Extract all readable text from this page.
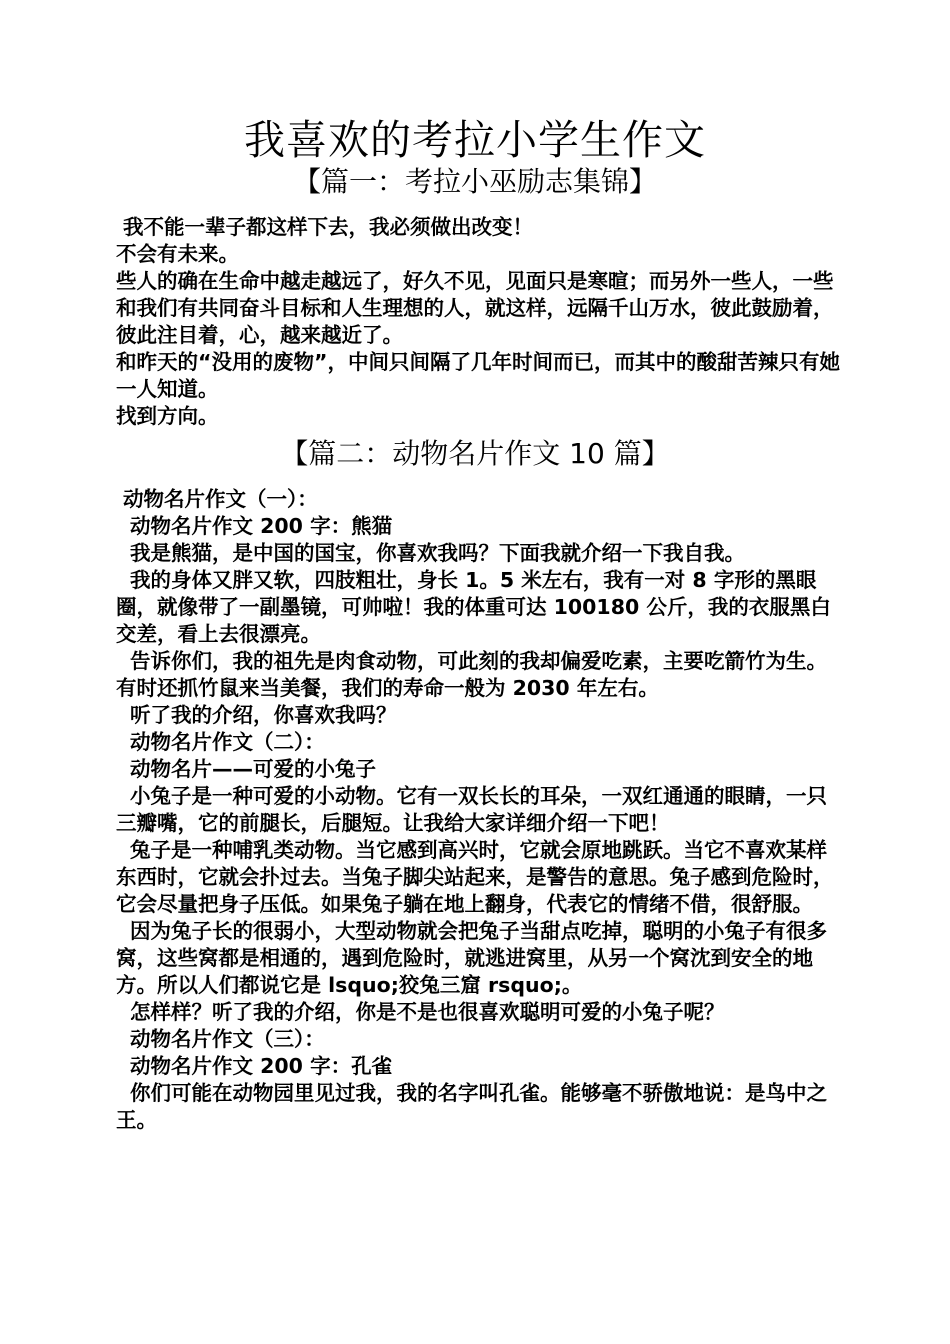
我喜欢的考拉小学生作文
【篇一：考拉小巫励志集锦】

我不能一辈子都这样下去，我必须做出改变！

不会有未来。

些人的确在生命中越走越远了，好久不见，见面只是寒暄；而另外一些人，一些和我们有共同奋斗目标和人生理想的人，就这样，远隔千山万水，彼此鼓励着，彼此注目着，心，越来越近了。

和昨天的“没用的废物”，中间只间隔了几年时间而已，而其中的酸甜苦辣只有她一人知道。

找到方向。

【篇二：动物名片作文 10 篇】

动物名片作文（一）：

动物名片作文 200 字：熊猫

我是熊猫，是中国的国宝，你喜欢我吗？下面我就介绍一下我自我。

我的身体又胖又软，四肢粗壮，身长 1。5 米左右，我有一对 8 字形的黑眼圈，就像带了一副墨镜，可帅啦！我的体重可达 100180 公斤，我的衣服黑白交差，看上去很漂亮。

告诉你们，我的祖先是肉食动物，可此刻的我却偏爱吃素，主要吃箭竹为生。有时还抓竹鼠来当美餐，我们的寿命一般为 2030 年左右。

听了我的介绍，你喜欢我吗？

动物名片作文（二）：

动物名片——可爱的小兔子

小兔子是一种可爱的小动物。它有一双长长的耳朵，一双红通通的眼睛，一只三瓣嘴，它的前腿长，后腿短。让我给大家详细介绍一下吧！

兔子是一种哺乳类动物。当它感到高兴时，它就会原地跳跃。当它不喜欢某样东西时，它就会扑过去。当兔子脚尖站起来，是警告的意思。兔子感到危险时，它会尽量把身子压低。如果兔子躺在地上翻身，代表它的情绪不借，很舒服。

因为兔子长的很弱小，大型动物就会把兔子当甜点吃掉，聪明的小兔子有很多窝，这些窝都是相通的，遇到危险时，就逃进窝里，从另一个窝沈到安全的地方。所以人们都说它是 lsquo;狡兔三窟 rsquo;。

怎样样？听了我的介绍，你是不是也很喜欢聪明可爱的小兔子呢？

动物名片作文（三）：

动物名片作文 200 字：孔雀

你们可能在动物园里见过我，我的名字叫孔雀。能够毫不骄傲地说：是鸟中之王。
